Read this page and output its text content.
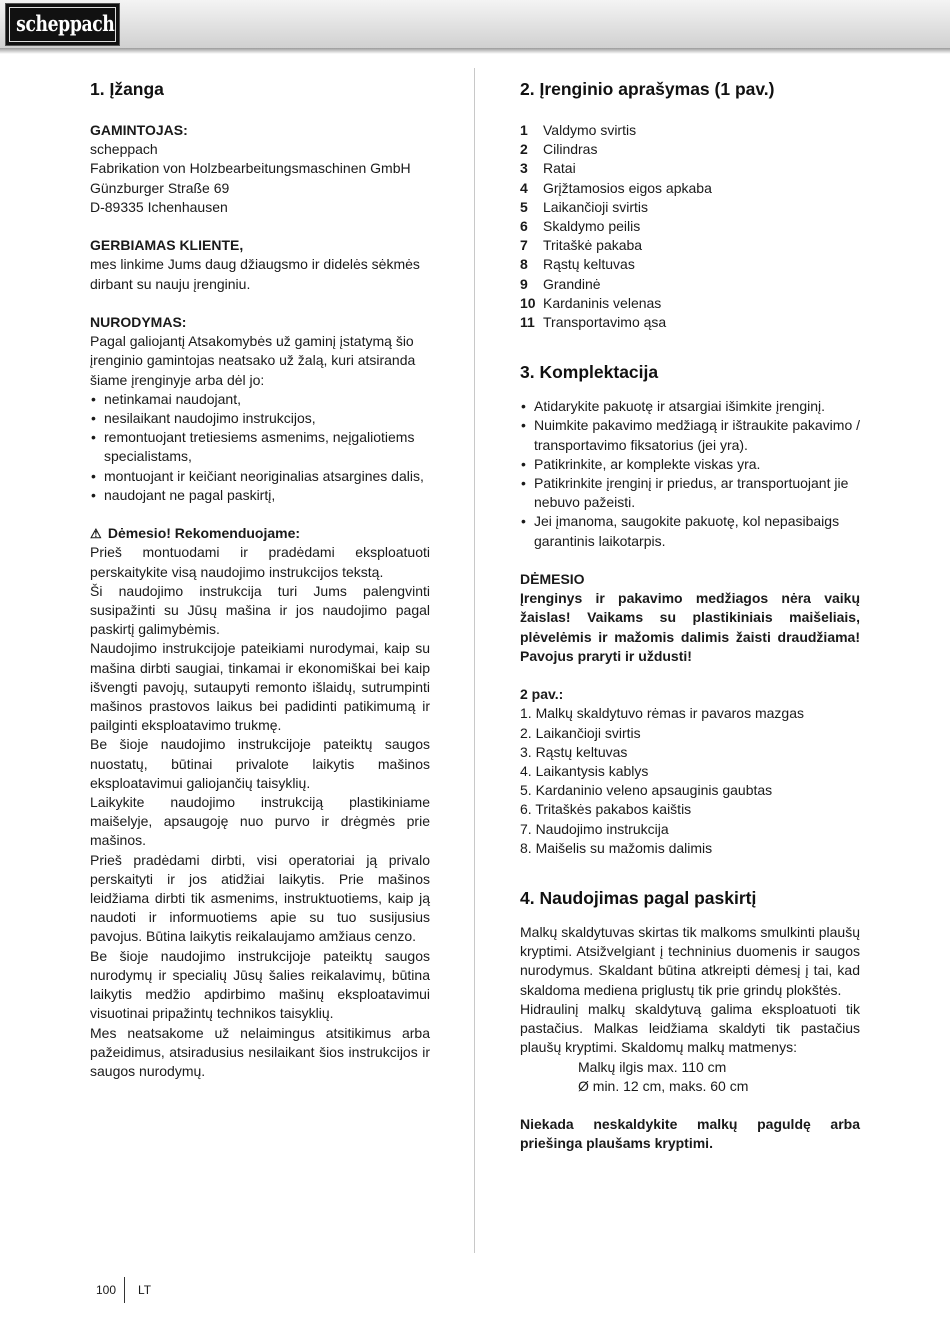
scheppach
1. Įžanga

GAMINTOJAS:

scheppach

Fabrikation von Holzbearbeitungsmaschinen GmbH

Günzburger Straße 69

D-89335 Ichenhausen

GERBIAMAS KLIENTE,

mes linkime Jums daug džiaugsmo ir didelės sėkmės dirbant su nauju įrenginiu.

NURODYMAS:

Pagal galiojantį Atsakomybės už gaminį įstatymą šio įrenginio gamintojas neatsako už žalą, kuri atsiranda šiame įrenginyje arba dėl jo:

• netinkamai naudojant,
• nesilaikant naudojimo instrukcijos,
• remontuojant tretiesiems asmenims, neįgaliotiems specialistams,
• montuojant ir keičiant neoriginalias atsargines dalis,
• naudojant ne pagal paskirtį,

⚠ Dėmesio! Rekomenduojame:

Prieš montuodami ir pradėdami eksploatuoti perskaitykite visą naudojimo instrukcijos tekstą.

Ši naudojimo instrukcija turi Jums palengvinti susipažinti su Jūsų mašina ir jos naudojimo pagal paskirtį galimybėmis.

Naudojimo instrukcijoje pateikiami nurodymai, kaip su mašina dirbti saugiai, tinkamai ir ekonomiškai bei kaip išvengti pavojų, sutaupyti remonto išlaidų, sutrumpinti mašinos prastovos laikus bei padidinti patikimumą ir pailginti eksploatavimo trukmę.

Be šioje naudojimo instrukcijoje pateiktų saugos nuostatų, būtinai privalote laikytis mašinos eksploatavimui galiojančių taisyklių.

Laikykite naudojimo instrukciją plastikiniame maišelyje, apsaugoję nuo purvo ir drėgmės prie mašinos.

Prieš pradėdami dirbti, visi operatoriai ją privalo perskaityti ir jos atidžiai laikytis. Prie mašinos leidžiama dirbti tik asmenims, instruktuotiems, kaip ją naudoti ir informuotiems apie su tuo susijusius pavojus. Būtina laikytis reikalaujamo amžiaus cenzo.

Be šioje naudojimo instrukcijoje pateiktų saugos nurodymų ir specialių Jūsų šalies reikalavimų, būtina laikytis medžio apdirbimo mašinų eksploatavimui visuotinai pripažintų technikos taisyklių.

Mes neatsakome už nelaimingus atsitikimus arba pažeidimus, atsiradusius nesilaikant šios instrukcijos ir saugos nurodymų.

2. Įrenginio aprašymas (1 pav.)
1	Valdymo svirtis
2	Cilindras
3	Ratai
4	Grįžtamosios eigos apkaba
5	Laikančioji svirtis
6	Skaldymo peilis
7	Tritaškė pakaba
8	Rąstų keltuvas
9	Grandinė
10 Kardaninis velenas
11 Transportavimo ąsa
3. Komplektacija
• Atidarykite pakuotę ir atsargiai išimkite įrenginį.
• Nuimkite pakavimo medžiagą ir ištraukite pakavimo / transportavimo fiksatorius (jei yra).
• Patikrinkite, ar komplekte viskas yra.
• Patikrinkite įrenginį ir priedus, ar transportuojant jie nebuvo pažeisti.
• Jei įmanoma, saugokite pakuotę, kol nepasibaigs garantinis laikotarpis.

DĖMESIO

Įrenginys ir pakavimo medžiagos nėra vaikų žaislas! Vaikams su plastikiniais maišeliais, plėvelėmis ir mažomis dalimis žaisti draudžiama! Pavojus praryti ir uždusti!

2 pav.:

1. Malkų skaldytuvo rėmas ir pavaros mazgas

2. Laikančioji svirtis

3. Rąstų keltuvas

4. Laikantysis kablys

5. Kardaninio veleno apsauginis gaubtas

6. Tritaškės pakabos kaištis

7. Naudojimo instrukcija

8. Maišelis su mažomis dalimis

4. Naudojimas pagal paskirtį

Malkų skaldytuvas skirtas tik malkoms smulkinti plaušų kryptimi. Atsižvelgiant į techninius duomenis ir saugos nurodymus. Skaldant būtina atkreipti dėmesį į tai, kad skaldoma mediena priglustų tik prie grindų plokštės.

Hidraulinį malkų skaldytuvą galima eksploatuoti tik pastačius. Malkas leidžiama skaldyti tik pastačius plaušų kryptimi. Skaldomų malkų matmenys:

Malkų ilgis max. 110 cm

Ø min. 12 cm, maks. 60 cm

Niekada neskaldykite malkų paguldę arba priešinga plaušams kryptimi.

100 LT
